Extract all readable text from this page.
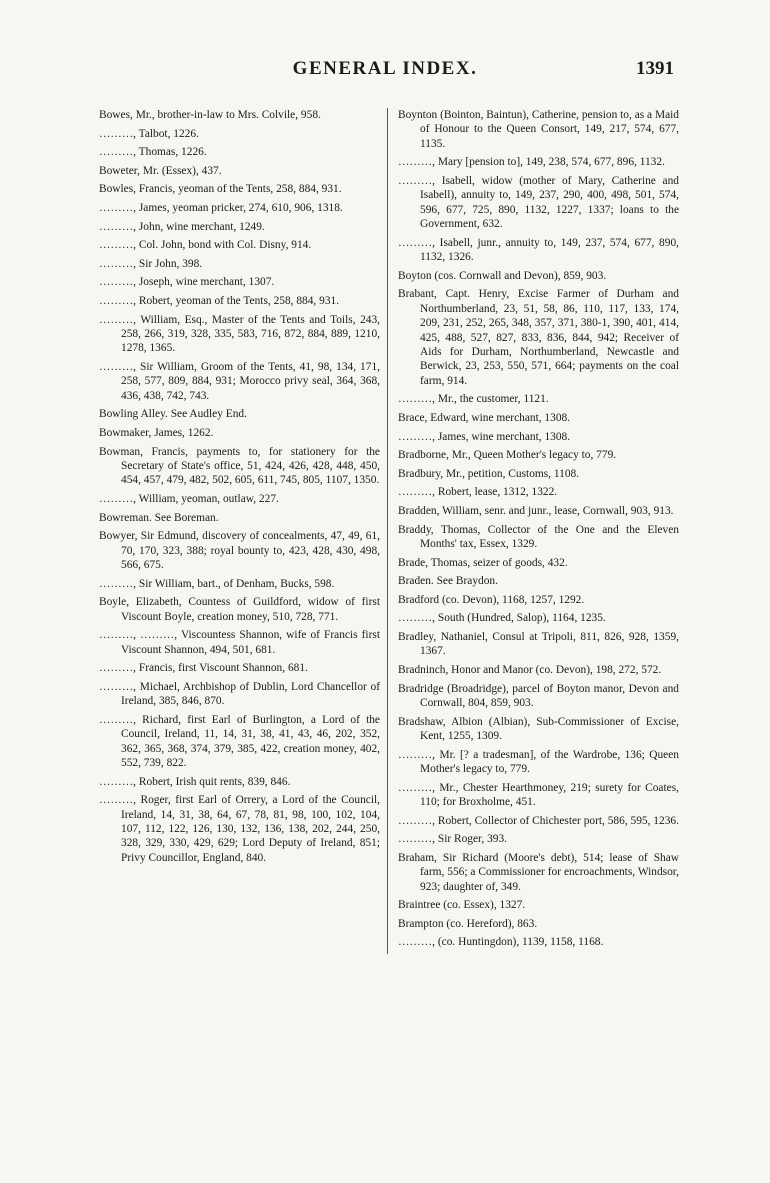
GENERAL INDEX.	1391

Bowes, Mr., brother-in-law to Mrs. Colvile, 958.

………, Talbot, 1226.

………, Thomas, 1226.

Boweter, Mr. (Essex), 437.

Bowles, Francis, yeoman of the Tents, 258, 884, 931.

………, James, yeoman pricker, 274, 610, 906, 1318.

………, John, wine merchant, 1249.

………, Col. John, bond with Col. Disny, 914.

………, Sir John, 398.

………, Joseph, wine merchant, 1307.

………, Robert, yeoman of the Tents, 258, 884, 931.

………, William, Esq., Master of the Tents and Toils, 243, 258, 266, 319, 328, 335, 583, 716, 872, 884, 889, 1210, 1278, 1365.

………, Sir William, Groom of the Tents, 41, 98, 134, 171, 258, 577, 809, 884, 931; Morocco privy seal, 364, 368, 436, 438, 742, 743.

Bowling Alley. See Audley End.

Bowmaker, James, 1262.

Bowman, Francis, payments to, for stationery for the Secretary of State's office, 51, 424, 426, 428, 448, 450, 454, 457, 479, 482, 502, 605, 611, 745, 805, 1107, 1350.

………, William, yeoman, outlaw, 227.

Bowreman. See Boreman.

Bowyer, Sir Edmund, discovery of concealments, 47, 49, 61, 70, 170, 323, 388; royal bounty to, 423, 428, 430, 498, 566, 675.

………, Sir William, bart., of Denham, Bucks, 598.

Boyle, Elizabeth, Countess of Guildford, widow of first Viscount Boyle, creation money, 510, 728, 771.

………, ………, Viscountess Shannon, wife of Francis first Viscount Shannon, 494, 501, 681.

………, Francis, first Viscount Shannon, 681.

………, Michael, Archbishop of Dublin, Lord Chancellor of Ireland, 385, 846, 870.

………, Richard, first Earl of Burlington, a Lord of the Council, Ireland, 11, 14, 31, 38, 41, 43, 46, 202, 352, 362, 365, 368, 374, 379, 385, 422, creation money, 402, 552, 739, 822.

………, Robert, Irish quit rents, 839, 846.

………, Roger, first Earl of Orrery, a Lord of the Council, Ireland, 14, 31, 38, 64, 67, 78, 81, 98, 100, 102, 104, 107, 112, 122, 126, 130, 132, 136, 138, 202, 244, 250, 328, 329, 330, 429, 629; Lord Deputy of Ireland, 851; Privy Councillor, England, 840.

Boynton (Bointon, Baintun), Catherine, pension to, as a Maid of Honour to the Queen Consort, 149, 217, 574, 677, 1135.

………, Mary [pension to], 149, 238, 574, 677, 896, 1132.

………, Isabell, widow (mother of Mary, Catherine and Isabell), annuity to, 149, 237, 290, 400, 498, 501, 574, 596, 677, 725, 890, 1132, 1227, 1337; loans to the Government, 632.

………, Isabell, junr., annuity to, 149, 237, 574, 677, 890, 1132, 1326.

Boyton (cos. Cornwall and Devon), 859, 903.

Brabant, Capt. Henry, Excise Farmer of Durham and Northumberland, 23, 51, 58, 86, 110, 117, 133, 174, 209, 231, 252, 265, 348, 357, 371, 380-1, 390, 401, 414, 425, 488, 527, 827, 833, 836, 844, 942; Receiver of Aids for Durham, Northumberland, Newcastle and Berwick, 23, 253, 550, 571, 664; payments on the coal farm, 914.

………, Mr., the customer, 1121.

Brace, Edward, wine merchant, 1308.

………, James, wine merchant, 1308.

Bradborne, Mr., Queen Mother's legacy to, 779.

Bradbury, Mr., petition, Customs, 1108.

………, Robert, lease, 1312, 1322.

Bradden, William, senr. and junr., lease, Cornwall, 903, 913.

Braddy, Thomas, Collector of the One and the Eleven Months' tax, Essex, 1329.

Brade, Thomas, seizer of goods, 432.

Braden. See Braydon.

Bradford (co. Devon), 1168, 1257, 1292.

………, South (Hundred, Salop), 1164, 1235.

Bradley, Nathaniel, Consul at Tripoli, 811, 826, 928, 1359, 1367.

Bradninch, Honor and Manor (co. Devon), 198, 272, 572.

Bradridge (Broadridge), parcel of Boyton manor, Devon and Cornwall, 804, 859, 903.

Bradshaw, Albion (Albian), Sub-Commissioner of Excise, Kent, 1255, 1309.

………, Mr. [? a tradesman], of the Wardrobe, 136; Queen Mother's legacy to, 779.

………, Mr., Chester Hearthmoney, 219; surety for Coates, 110; for Broxholme, 451.

………, Robert, Collector of Chichester port, 586, 595, 1236.

………, Sir Roger, 393.

Braham, Sir Richard (Moore's debt), 514; lease of Shaw farm, 556; a Commissioner for encroachments, Windsor, 923; daughter of, 349.

Braintree (co. Essex), 1327.

Brampton (co. Hereford), 863.

………, (co. Huntingdon), 1139, 1158, 1168.
